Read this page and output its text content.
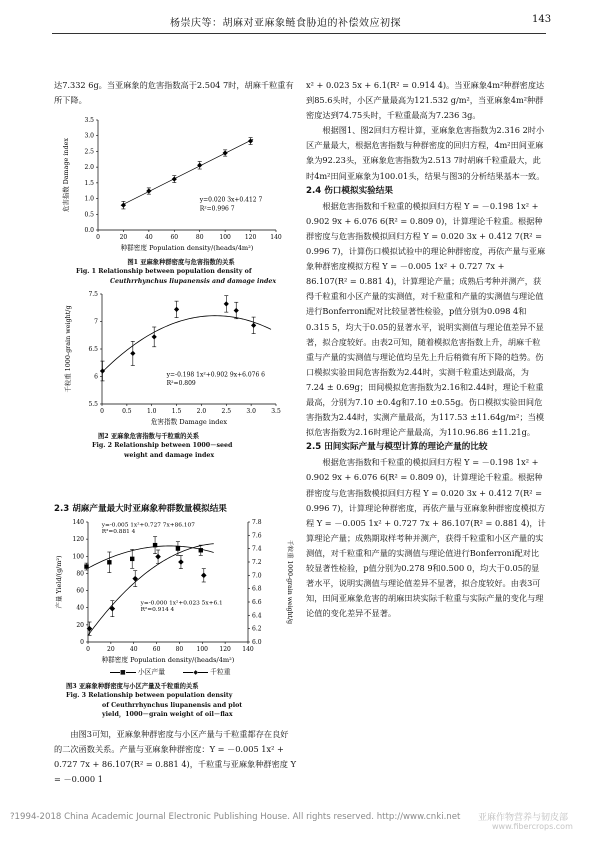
杨崇庆等：胡麻对亚麻象鲢食胁迫的补偿效应初探	143

达7.332 6g。当亚麻象的危害指数高于2.504 7时，胡麻千粒重有所下降。

0.0
0.5
1.0
1.5
2.0
2.5
3.0
3.5
0	20	40	60	80	100 120 140
y=0.020 3x+0.412 7
R²=0.996 7
危害指数 Damage index
种群密度 Population density/(heads/4m²)
图1 亚麻象种群密度与危害指数的关系
Fig. 1 Relationship between population density of
Ceuthrrhynchus liupanensis and damage index
5.5
6
6.5
7
7.5
0	0.5	1.0	1.5	2.0	2.5	3.0	3.5
y=-0.198 1x²+0.902 9x+6.076 6
R²=0.809
千粒重 1000-grain weight/g
危害指数 Damage index
图2 亚麻象危害指数与千粒重的关系
Fig. 2 Relationship between 1000－seed
weight and damage index
2.3 胡麻产量最大时亚麻象种群数量模拟结果
0
20
40
60
80
100
120
140
6.0
6.2
6.4
6.6
6.8
7.0
7.2
7.4
7.6
7.8
0	20	40	60	80 100 120 140
y=-0.005 1x²+0.727 7x+86.107
R²=0.881 4
y=-0.000 1x²+0.023 5x+6.1
R²=0.914 4
产量 Yield/(g/m²)	千粒重 1000-grain weight/g
种群密度 Population density/(heads/4m²)
■ 小区产量	◆ 千粒重
图3 亚麻象种群密度与小区产量及千粒重的关系
Fig. 3 Relationship between population density
of Ceuthrrhynchus liupanensis and plot
yield，1000－grain weight of oil－flax

由图3可知，亚麻象种群密度与小区产量与千粒重都存在良好的二次函数关系。产量与亚麻象种群密度：Y = －0.005 1x² + 0.727 7x + 86.107(R² = 0.881 4)，千粒重与亚麻象种群密度 Y = －0.000 1

x² + 0.023 5x + 6.1(R² = 0.914 4)。当亚麻象4m²种群密度达到85.6头时，小区产量最高为121.532 g/m²，当亚麻象4m²种群密度达到74.75头时，千粒重最高为7.236 3g。

根据图1、图2回归方程计算，亚麻象危害指数为2.316 2时小区产量最大，根据危害指数与种群密度的回归方程，4m²田间亚麻象为92.23头，亚麻象危害指数为2.513 7时胡麻千粒重最大，此时4m²田间亚麻象为100.01头，结果与图3的分析结果基本一致。

2.4 伤口模拟实验结果

根据危害指数和千粒重的模拟回归方程 Y = －0.198 1x² + 0.902 9x + 6.076 6(R² = 0.809 0)，计算理论千粒重。根据种群密度与危害指数模拟回归方程 Y = 0.020 3x + 0.412 7(R² = 0.996 7)，计算伤口模拟试验中的理论种群密度，再依产量与亚麻象种群密度模拟方程 Y = －0.005 1x² + 0.727 7x + 86.107(R² = 0.881 4)，计算理论产量；成熟后考种并测产，获得千粒重和小区产量的实测值，对千粒重和产量的实测值与理论值进行Bonferroni配对比较显著性检验，p值分别为0.098 4和0.315 5，均大于0.05的显著水平，说明实测值与理论值差异不显著，拟合度较好。由表2可知，随着模拟危害指数上升，胡麻千粒重与产量的实测值与理论值均呈先上升后稍微有所下降的趋势。伤口模拟实验田间危害指数为2.44时，实测千粒重达到最高，为7.24 ± 0.69g；田间模拟危害指数为2.16和2.44时，理论千粒重最高，分别为7.10 ±0.4g和7.10 ±0.55g。伤口模拟实验田间危害指数为2.44时，实测产量最高，为117.53 ±11.64g/m²；当模拟危害指数为2.16时理论产量最高，为110.96.86 ±11.21g。

2.5 田间实际产量与模型计算的理论产量的比较

根据危害指数和千粒重的模拟回归方程 Y = －0.198 1x² + 0.902 9x + 6.076 6(R² = 0.809 0)，计算理论千粒重。根据种群密度与危害指数模拟回归方程 Y = 0.020 3x + 0.412 7(R² = 0.996 7)，计算理论种群密度，再依产量与亚麻象种群密度模拟方程 Y = －0.005 1x² + 0.727 7x + 86.107(R² = 0.881 4)，计算理论产量；成熟期取样考种并测产，获得千粒重和小区产量的实测值，对千粒重和产量的实测值与理论值进行Bonferroni配对比较显著性检验，p值分别为0.278 9和0.500 0，均大于0.05的显著水平，说明实测值与理论值差异不显著，拟合度较好。由表3可知，田间亚麻象危害的胡麻田块实际千粒重与实际产量的变化与理论值的变化差异不显著。

?1994-2018 China Academic Journal Electronic Publishing House. All rights reserved. http://www.cnki.net 亚麻作物营养与韧皮部
www.fibercrops.com
